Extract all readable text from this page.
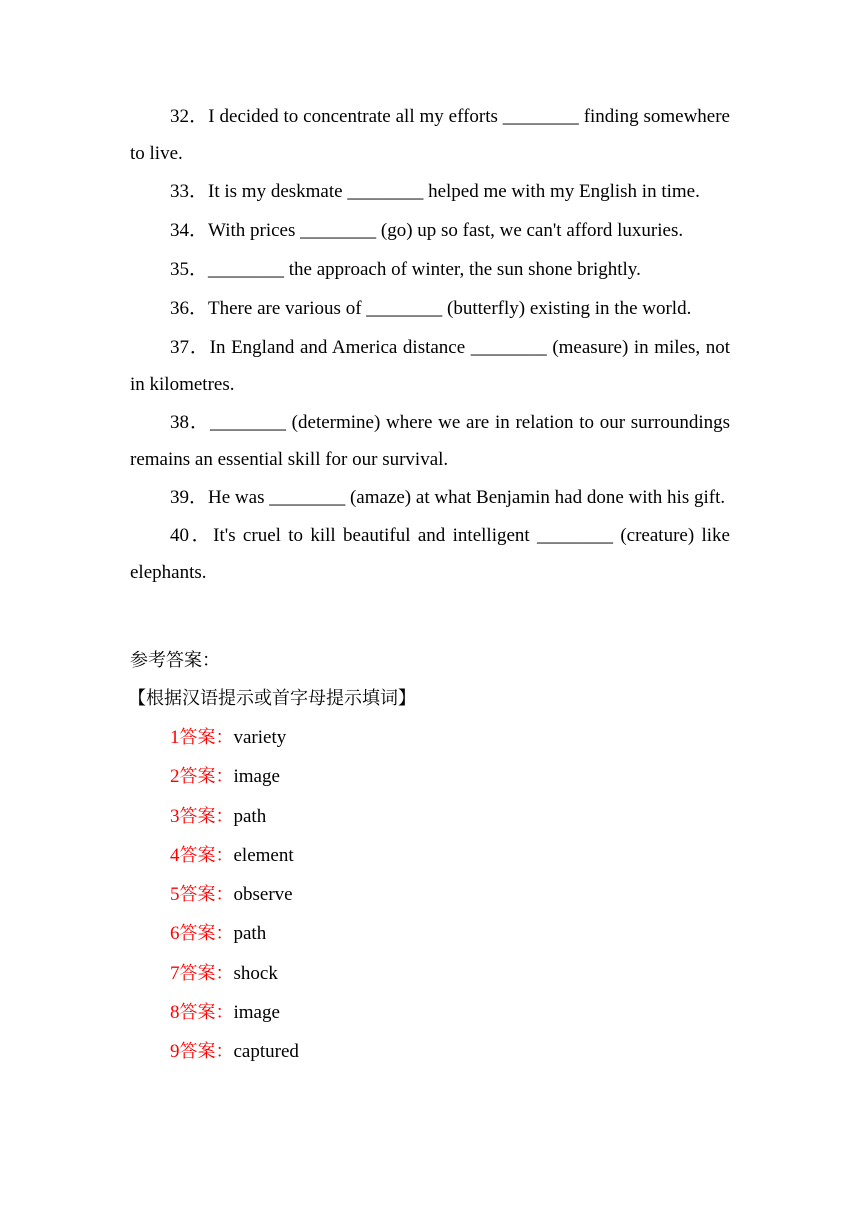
32．I decided to concentrate all my efforts ________ finding somewhere to live.

33．It is my deskmate ________ helped me with my English in time.

34．With prices ________ (go) up so fast, we can't afford luxuries.

35．________ the approach of winter, the sun shone brightly.

36．There are various of ________ (butterfly) existing in the world.

37．In England and America distance ________ (measure) in miles, not in kilometres.

38．________ (determine) where we are in relation to our surroundings remains an essential skill for our survival.

39．He was ________ (amaze) at what Benjamin had done with his gift.

40．It's cruel to kill beautiful and intelligent ________ (creature) like elephants.

参考答案：
【根据汉语提示或首字母提示填词】
1答案：variety
2答案：image
3答案：path
4答案：element
5答案：observe
6答案：path
7答案：shock
8答案：image
9答案：captured
